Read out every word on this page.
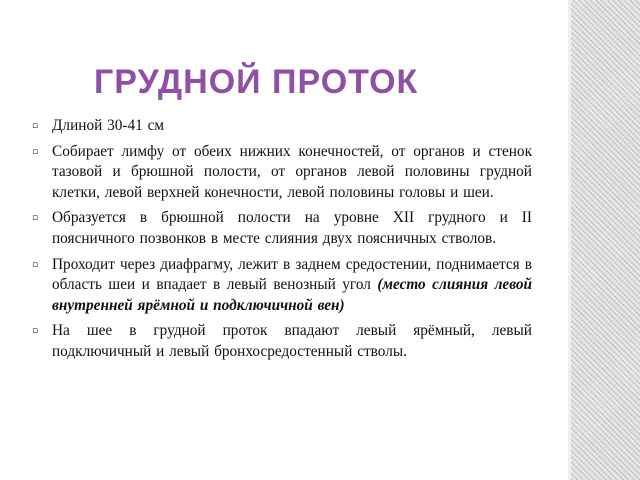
ГРУДНОЙ ПРОТОК
▫ Длиной 30-41 см
▫ Собирает лимфу от обеих нижних конечностей, от органов и стенок тазовой и брюшной полости, от органов левой половины грудной клетки, левой верхней конечности, левой половины головы и шеи.
▫ Образуется в брюшной полости на уровне XII грудного и II поясничного позвонков в месте слияния двух поясничных стволов.
▫ Проходит через диафрагму, лежит в заднем средостении, поднимается в область шеи и впадает в левый венозный угол (место слияния левой внутренней ярёмной и подключичной вен)
▫ На шее в грудной проток впадают левый ярёмный, левый подключичный и левый бронхосредостенный стволы.
